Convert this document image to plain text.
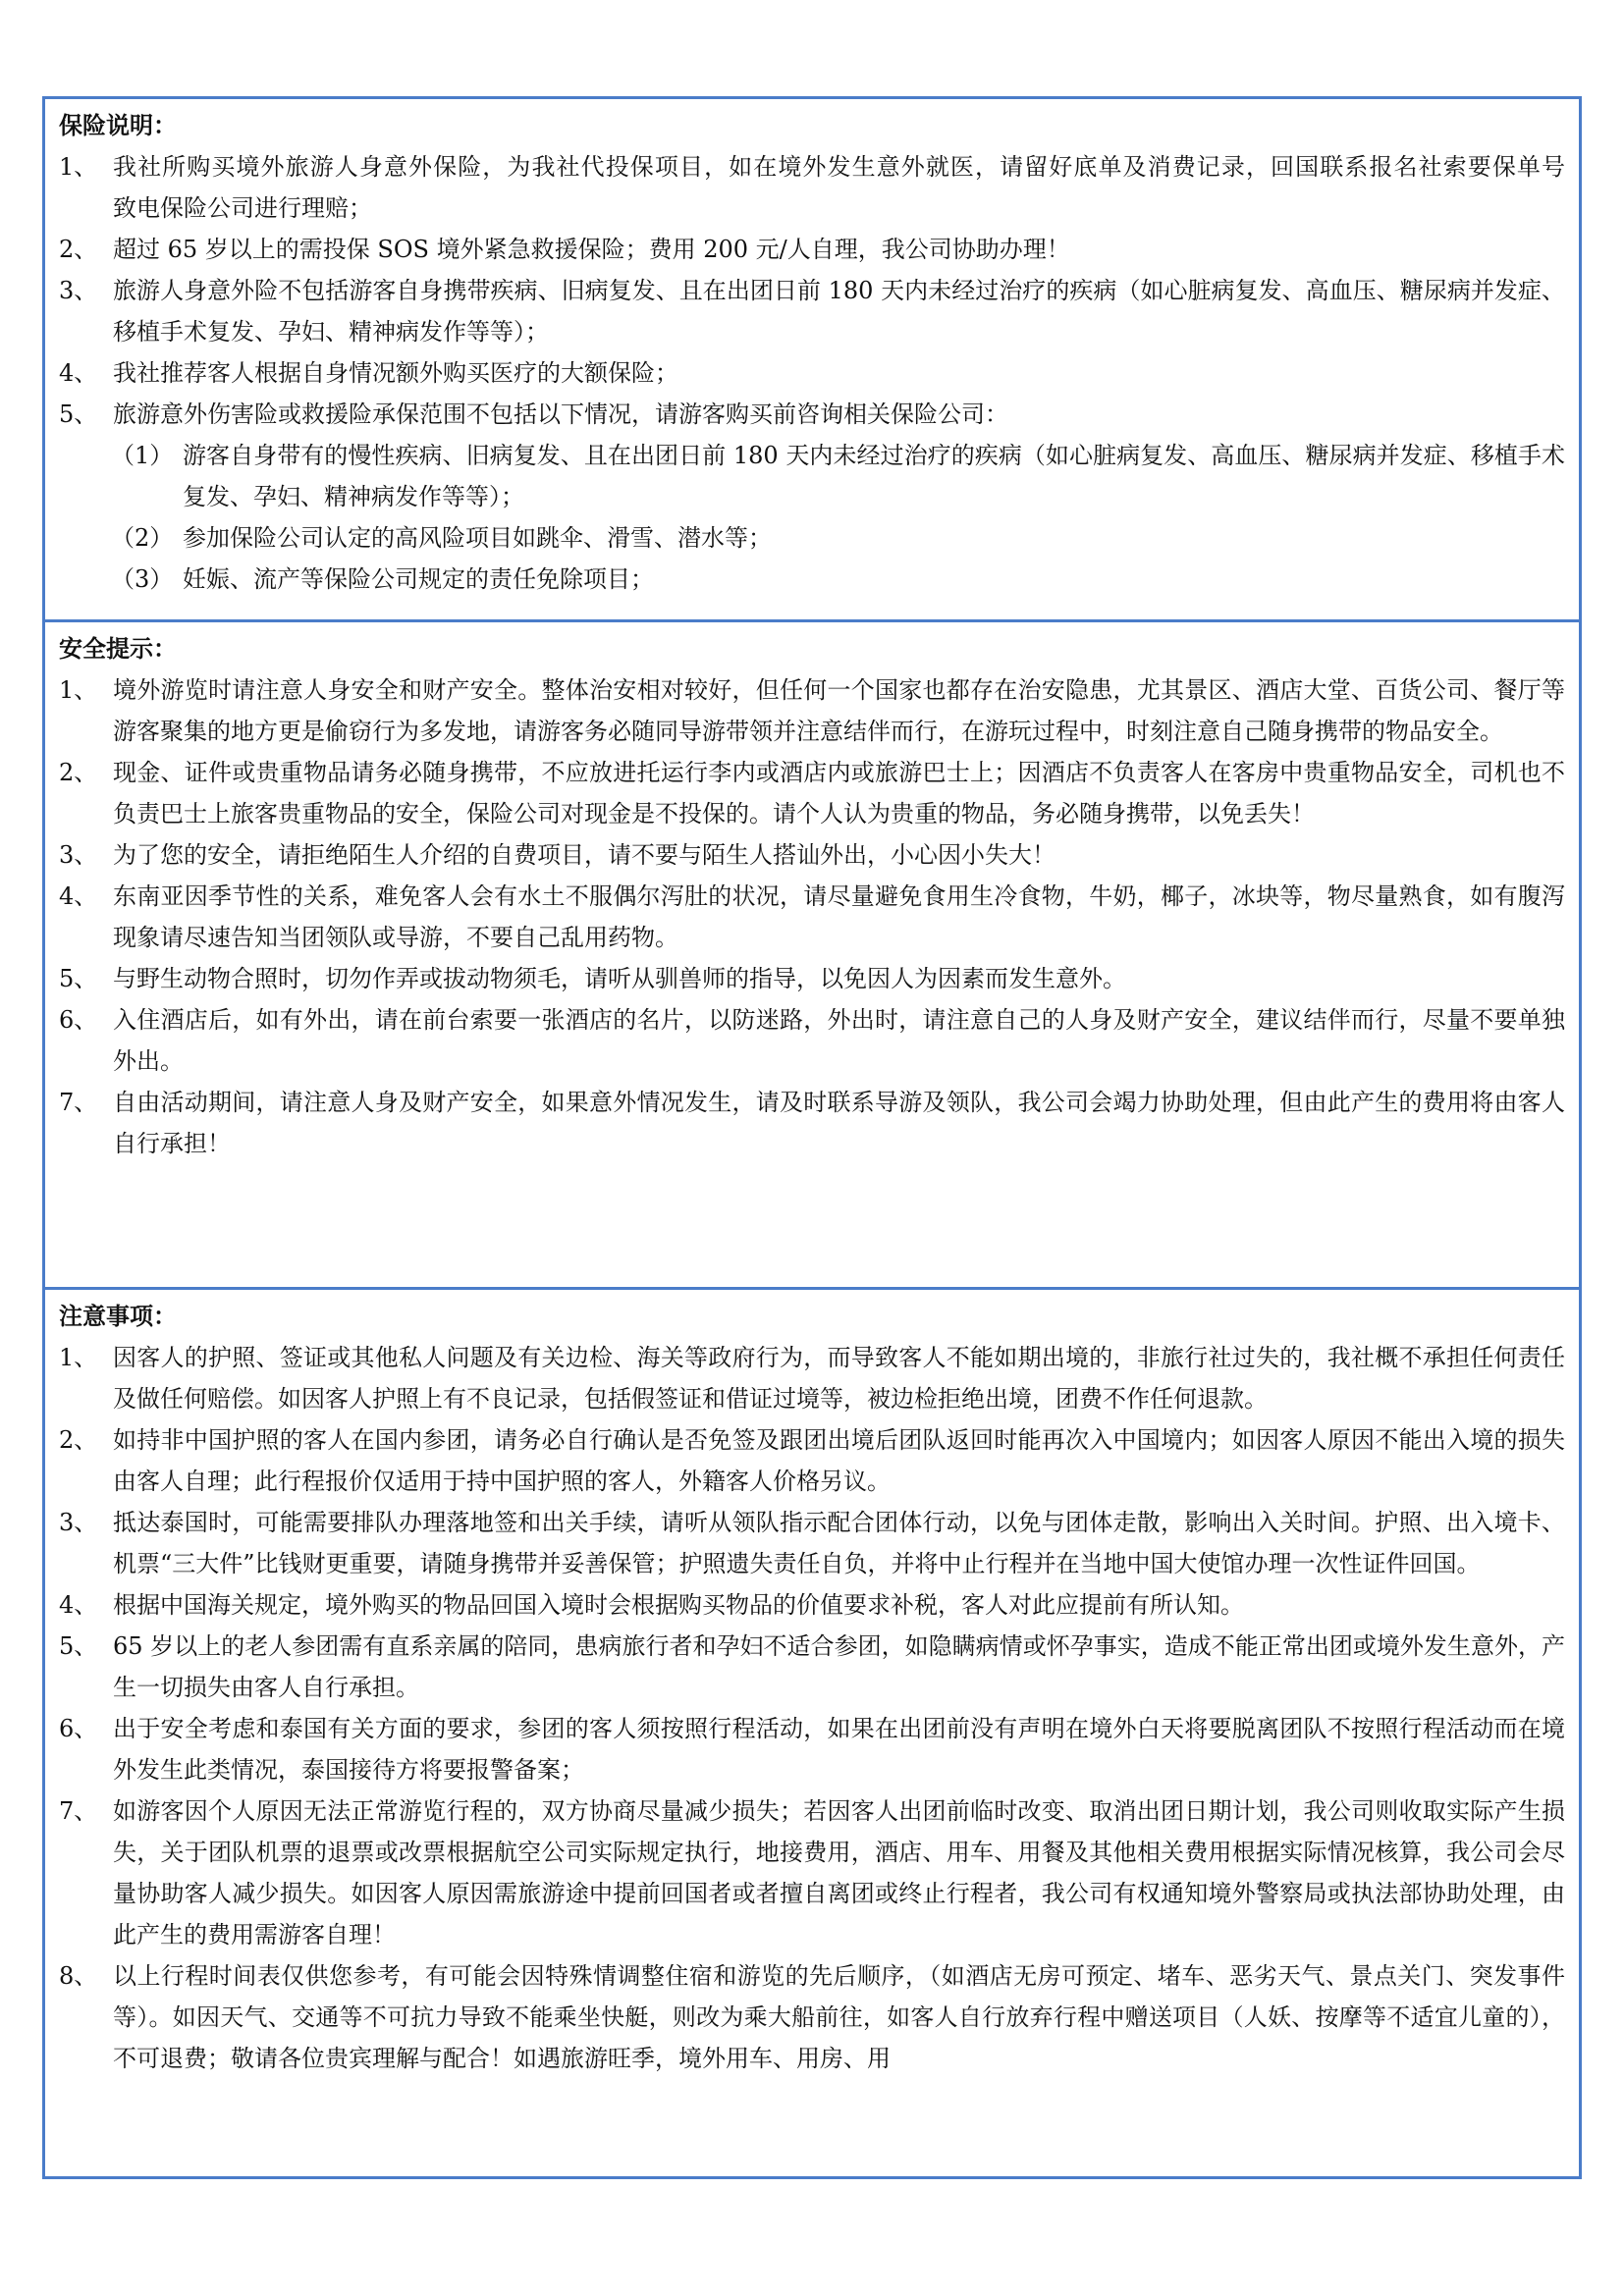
保险说明：
1、 我社所购买境外旅游人身意外保险，为我社代投保项目，如在境外发生意外就医，请留好底单及消费记录，回国联系报名社索要保单号　　致电保险公司进行理赔；
2、 超过 65 岁以上的需投保 SOS 境外紧急救援保险；费用 200 元/人自理，我公司协助办理！
3、 旅游人身意外险不包括游客自身携带疾病、旧病复发、且在出团日前 180 天内未经过治疗的疾病（如心脏病复发、高血压、糖尿病并发症、移植手术复发、孕妇、精神病发作等等）；
4、 我社推荐客人根据自身情况额外购买医疗的大额保险；
5、 旅游意外伤害险或救援险承保范围不包括以下情况，请游客购买前咨询相关保险公司：
（1） 游客自身带有的慢性疾病、旧病复发、且在出团日前 180 天内未经过治疗的疾病（如心脏病复发、高血压、糖尿病并发症、移植手术复发、孕妇、精神病发作等等）；
（2） 参加保险公司认定的高风险项目如跳伞、滑雪、潜水等；
（3） 妊娠、流产等保险公司规定的责任免除项目；
安全提示：
1、 境外游览时请注意人身安全和财产安全。整体治安相对较好，但任何一个国家也都存在治安隐患，尤其景区、酒店大堂、百货公司、餐厅等游客聚集的地方更是偷窃行为多发地，请游客务必随同导游带领并注意结伴而行，在游玩过程中，时刻注意自己随身携带的物品安全。
2、 现金、证件或贵重物品请务必随身携带，不应放进托运行李内或酒店内或旅游巴士上；因酒店不负责客人在客房中贵重物品安全，司机也不负责巴士上旅客贵重物品的安全，保险公司对现金是不投保的。请个人认为贵重的物品，务必随身携带，以免丢失！
3、 为了您的安全，请拒绝陌生人介绍的自费项目，请不要与陌生人搭讪外出，小心因小失大！
4、 东南亚因季节性的关系，难免客人会有水土不服偶尔泻肚的状况，请尽量避免食用生冷食物，牛奶，椰子，冰块等，物尽量熟食，如有腹泻现象请尽速告知当团领队或导游，不要自己乱用药物。
5、 与野生动物合照时，切勿作弄或拔动物须毛，请听从驯兽师的指导，以免因人为因素而发生意外。
6、 入住酒店后，如有外出，请在前台索要一张酒店的名片，以防迷路，外出时，请注意自己的人身及财产安全，建议结伴而行，尽量不要单独外出。
7、 自由活动期间，请注意人身及财产安全，如果意外情况发生，请及时联系导游及领队，我公司会竭力协助处理，但由此产生的费用将由客人自行承担！
注意事项：
1、 因客人的护照、签证或其他私人问题及有关边检、海关等政府行为，而导致客人不能如期出境的，非旅行社过失的，我社概不承担任何责任及做任何赔偿。如因客人护照上有不良记录，包括假签证和借证过境等，被边检拒绝出境，团费不作任何退款。
2、 如持非中国护照的客人在国内参团，请务必自行确认是否免签及跟团出境后团队返回时能再次入中国境内；如因客人原因不能出入境的损失由客人自理；此行程报价仅适用于持中国护照的客人，外籍客人价格另议。
3、 抵达泰国时，可能需要排队办理落地签和出关手续，请听从领队指示配合团体行动，以免与团体走散，影响出入关时间。护照、出入境卡、机票“三大件”比钱财更重要，请随身携带并妥善保管；护照遗失责任自负，并将中止行程并在当地中国大使馆办理一次性证件回国。
4、 根据中国海关规定，境外购买的物品回国入境时会根据购买物品的价值要求补税，客人对此应提前有所认知。
5、 65 岁以上的老人参团需有直系亲属的陪同，患病旅行者和孕妇不适合参团，如隐瞒病情或怀孕事实，造成不能正常出团或境外发生意外，产生一切损失由客人自行承担。
6、 出于安全考虑和泰国有关方面的要求，参团的客人须按照行程活动，如果在出团前没有声明在境外白天将要脱离团队不按照行程活动而在境外发生此类情况，泰国接待方将要报警备案；
7、 如游客因个人原因无法正常游览行程的，双方协商尽量减少损失；若因客人出团前临时改变、取消出团日期计划，我公司则收取实际产生损失，关于团队机票的退票或改票根据航空公司实际规定执行，地接费用，酒店、用车、用餐及其他相关费用根据实际情况核算，我公司会尽量协助客人减少损失。如因客人原因需旅游途中提前回国者或者擅自离团或终止行程者，我公司有权通知境外警察局或执法部协助处理，由此产生的费用需游客自理！
8、 以上行程时间表仅供您参考，有可能会因特殊情调整住宿和游览的先后顺序，（如酒店无房可预定、堵车、恶劣天气、景点关门、突发事件等）。如因天气、交通等不可抗力导致不能乘坐快艇，则改为乘大船前往，如客人自行放弃行程中赠送项目（人妖、按摩等不适宜儿童的），不可退费；敬请各位贵宾理解与配合！如遇旅游旺季，境外用车、用房、用
